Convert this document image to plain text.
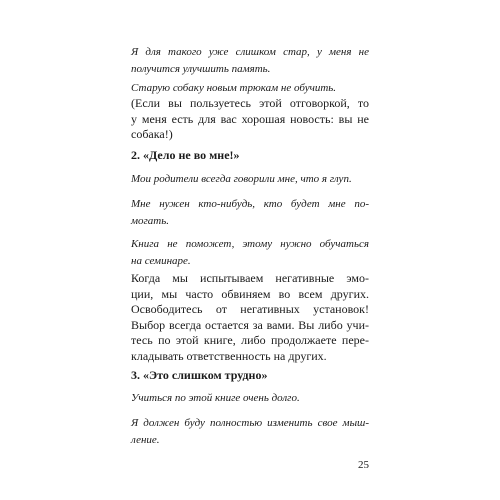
Я для такого уже слишком стар, у меня не
получится улучшить память.
Старую собаку новым трюкам не обучить.
(Если вы пользуетесь этой отговоркой, то
у меня есть для вас хорошая новость: вы не
собака!)
2. «Дело не во мне!»
Мои родители всегда говорили мне, что я глуп.
Мне нужен кто-нибудь, кто будет мне по-
могать.
Книга не поможет, этому нужно обучаться
на семинаре.
Когда мы испытываем негативные эмо-
ции, мы часто обвиняем во всем других.
Освободитесь от негативных установок!
Выбор всегда остается за вами. Вы либо учи-
тесь по этой книге, либо продолжаете пере-
кладывать ответственность на других.
3. «Это слишком трудно»
Учиться по этой книге очень долго.
Я должен буду полностью изменить свое мыш-
ление.
25
